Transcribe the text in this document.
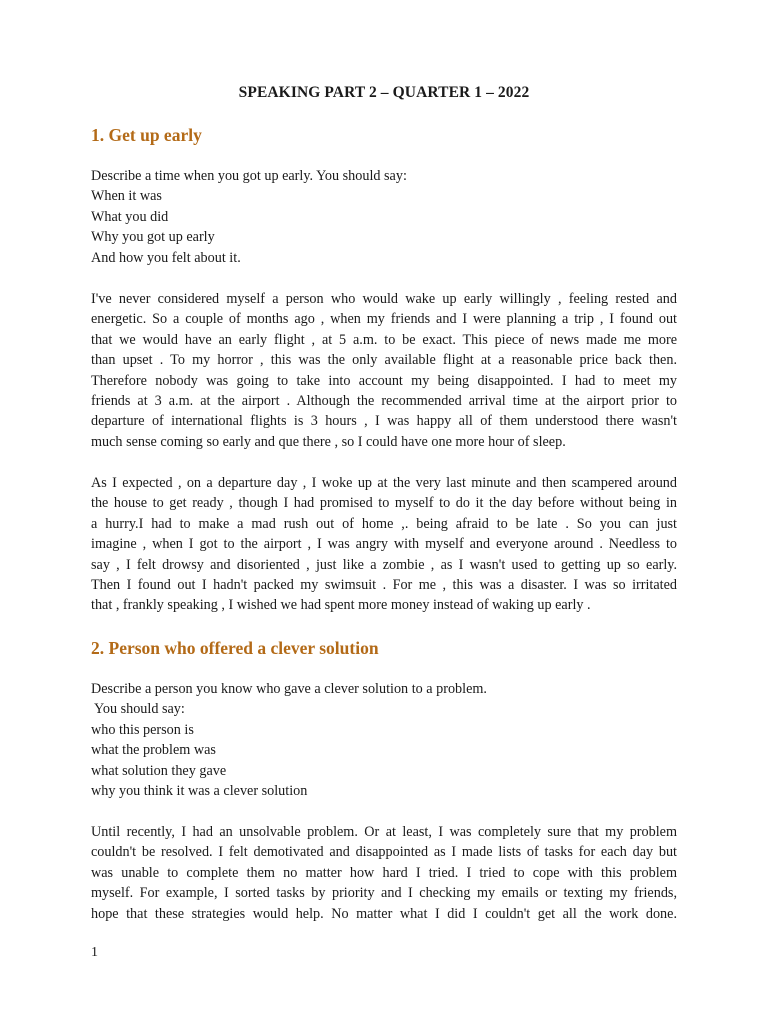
SPEAKING PART 2 – QUARTER 1 – 2022
1. Get up early
Describe a time when you got up early. You should say:
When it was
What you did
Why you got up early
And how you felt about it.
I've never considered myself a person who would wake up early willingly , feeling rested and
energetic. So a couple of months ago , when my friends and I were planning a trip , I found out
that we would have an early flight , at 5 a.m. to be exact. This piece of news made me more
than upset . To my horror , this was the only available flight at a reasonable price back then.
Therefore nobody was going to take into account my being disappointed. I had to meet my
friends at 3 a.m. at the airport . Although the recommended arrival time at the airport prior to
departure of international flights is 3 hours , I was happy all of them understood there wasn't
much sense coming so early and que there , so I could have one more hour of sleep.
As I expected , on a departure day , I woke up at the very last minute and then scampered around
the house to get ready , though I had promised to myself to do it the day before without being in
a hurry.I had to make a mad rush out of home ,. being afraid to be late . So you can just
imagine , when I got to the airport , I was angry with myself and everyone around . Needless to
say , I felt drowsy and disoriented , just like a zombie , as I wasn't used to getting up so early.
Then I found out I hadn't packed my swimsuit . For me , this was a disaster. I was so irritated
that , frankly speaking , I wished we had spent more money instead of waking up early .
2. Person who offered a clever solution
Describe a person you know who gave a clever solution to a problem.
You should say:
who this person is
what the problem was
what solution they gave
why you think it was a clever solution
Until recently, I had an unsolvable problem. Or at least, I was completely sure that my problem
couldn't be resolved. I felt demotivated and disappointed as I made lists of tasks for each day but
was unable to complete them no matter how hard I tried. I tried to cope with this problem
myself. For example, I sorted tasks by priority and I checking my emails or texting my friends,
hope that these strategies would help. No matter what I did I couldn't get all the work done.
1
